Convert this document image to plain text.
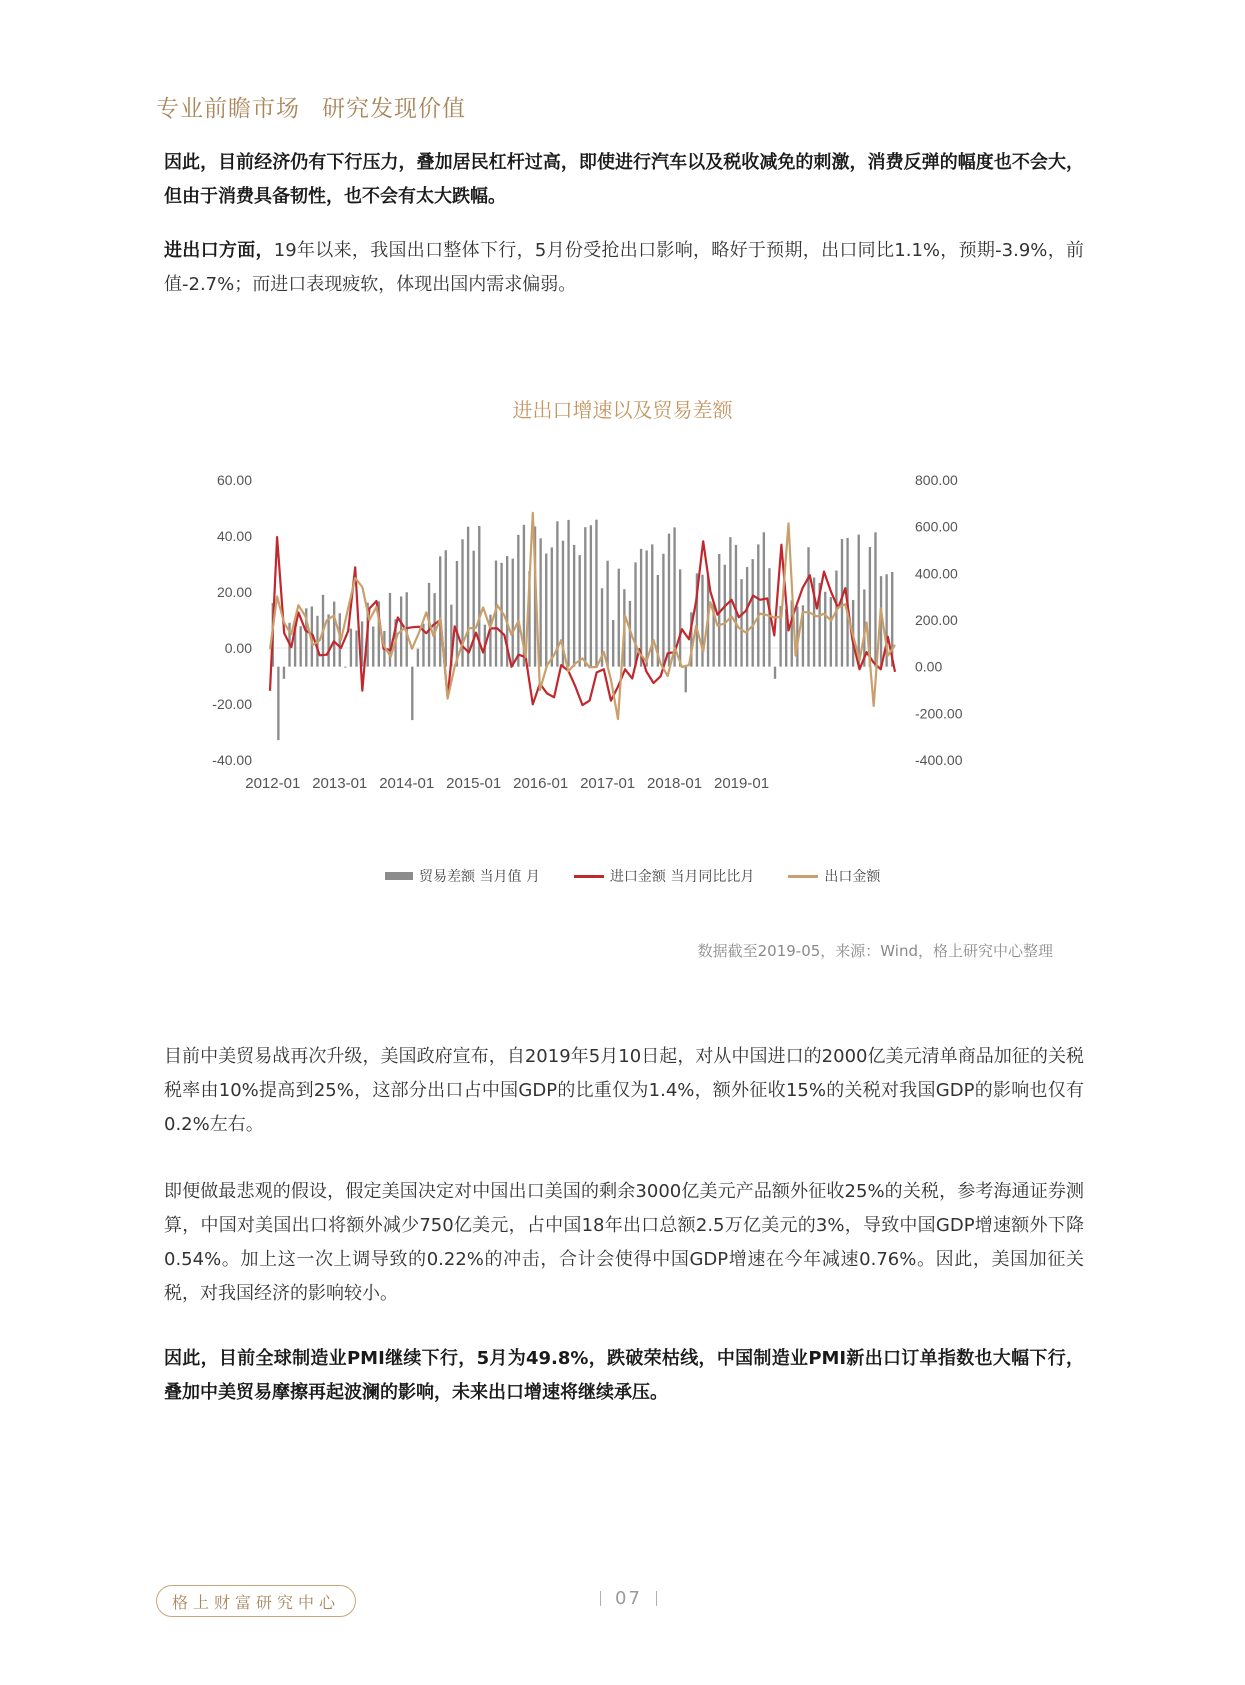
专业前瞻市场 研究发现价值
因此，目前经济仍有下行压力，叠加居民杠杆过高，即使进行汽车以及税收减免的刺激，消费反弹的幅度也不会大，但由于消费具备韧性，也不会有太大跌幅。
进出口方面，19年以来，我国出口整体下行，5月份受抢出口影响，略好于预期，出口同比1.1%，预期-3.9%，前值-2.7%；而进口表现疲软，体现出国内需求偏弱。
进出口增速以及贸易差额
60.00
40.00
20.00
0.00
-20.00
-40.00
800.00
600.00
400.00
200.00
0.00
-200.00
-400.00
2012-01 2013-01 2014-01 2015-01 2016-01 2017-01 2018-01 2019-01
贸易差额 当月值 月	进口金额 当月同比比月	出口金额
数据截至2019-05，来源：Wind，格上研究中心整理
目前中美贸易战再次升级，美国政府宣布，自2019年5月10日起，对从中国进口的2000亿美元清单商品加征的关税税率由10%提高到25%，这部分出口占中国GDP的比重仅为1.4%，额外征收15%的关税对我国GDP的影响也仅有0.2%左右。
即便做最悲观的假设，假定美国决定对中国出口美国的剩余3000亿美元产品额外征收25%的关税，参考海通证券测算，中国对美国出口将额外减少750亿美元，占中国18年出口总额2.5万亿美元的3%，导致中国GDP增速额外下降0.54%。加上这一次上调导致的0.22%的冲击，合计会使得中国GDP增速在今年减速0.76%。因此，美国加征关税，对我国经济的影响较小。
因此，目前全球制造业PMI继续下行，5月为49.8%，跌破荣枯线，中国制造业PMI新出口订单指数也大幅下行，叠加中美贸易摩擦再起波澜的影响，未来出口增速将继续承压。
格上财富研究中心	07
